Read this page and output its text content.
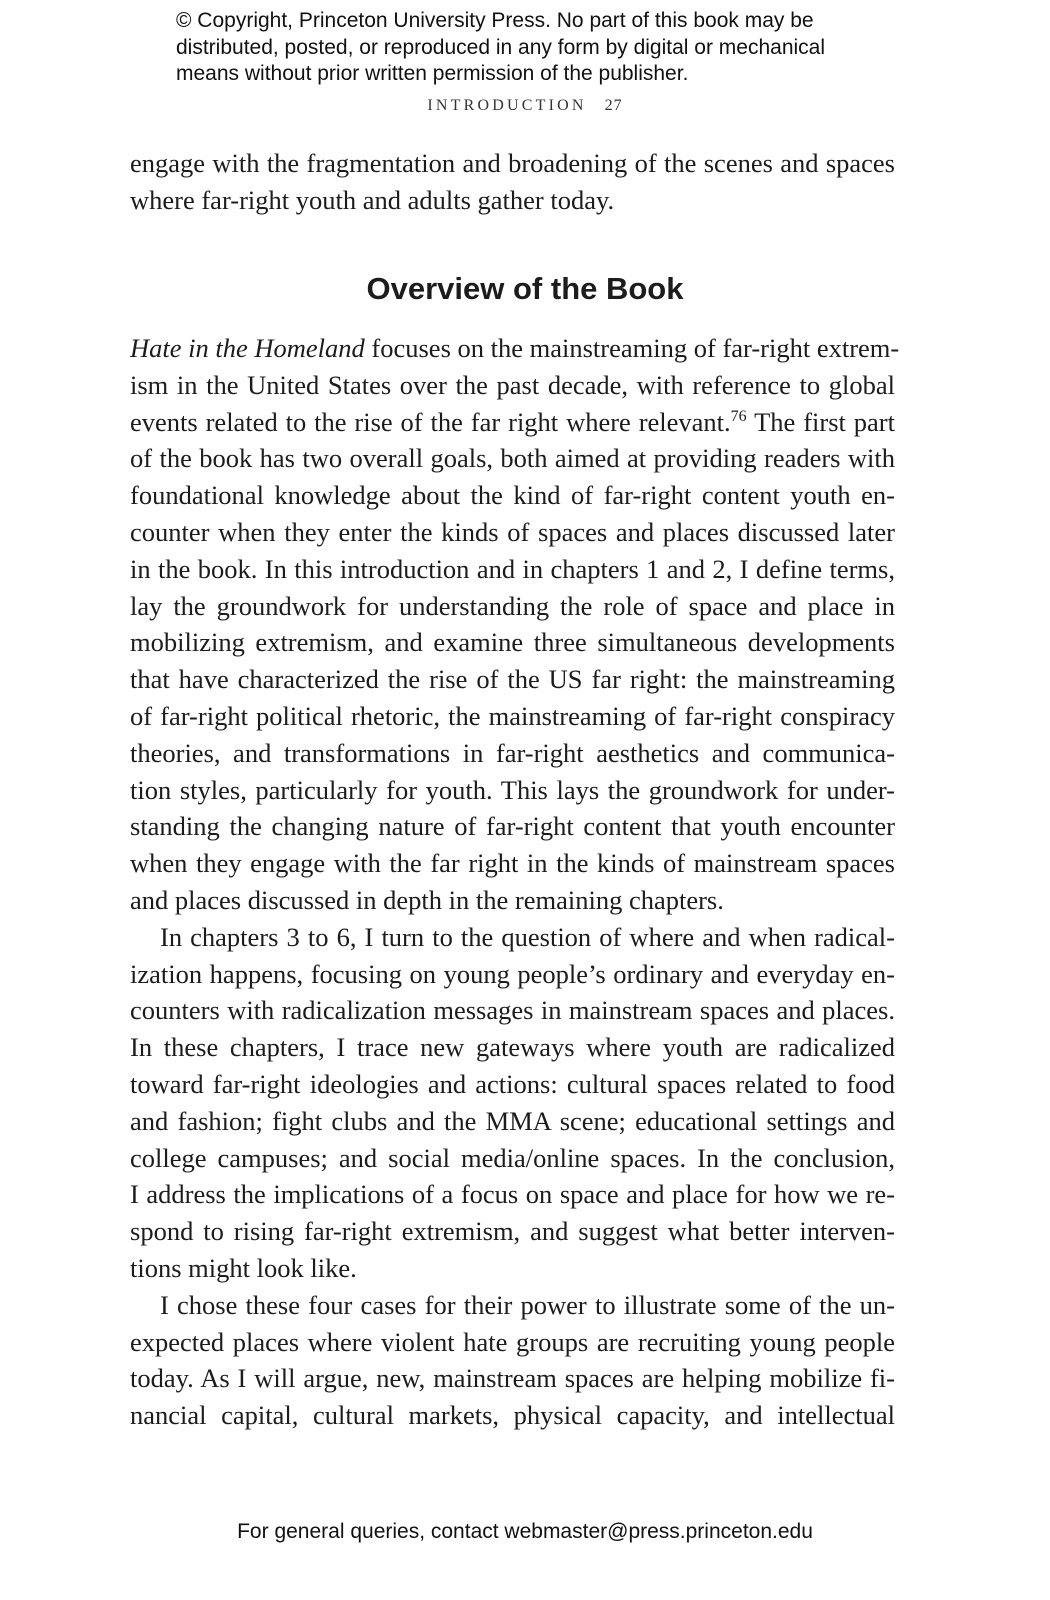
© Copyright, Princeton University Press. No part of this book may be
distributed, posted, or reproduced in any form by digital or mechanical
means without prior written permission of the publisher.
INTRODUCTION 27
engage with the fragmentation and broadening of the scenes and spaces
where far-right youth and adults gather today.
Overview of the Book
Hate in the Homeland focuses on the mainstreaming of far-right extrem-
ism in the United States over the past decade, with reference to global
events related to the rise of the far right where relevant.$^{76}$ The first part
of the book has two overall goals, both aimed at providing readers with
foundational knowledge about the kind of far-right content youth en-
counter when they enter the kinds of spaces and places discussed later
in the book. In this introduction and in chapters 1 and 2, I define terms,
lay the groundwork for understanding the role of space and place in
mobilizing extremism, and examine three simultaneous developments
that have characterized the rise of the US far right: the mainstreaming
of far-right political rhetoric, the mainstreaming of far-right conspiracy
theories, and transformations in far-right aesthetics and communica-
tion styles, particularly for youth. This lays the groundwork for under-
standing the changing nature of far-right content that youth encounter
when they engage with the far right in the kinds of mainstream spaces
and places discussed in depth in the remaining chapters.
In chapters 3 to 6, I turn to the question of where and when radical-
ization happens, focusing on young people’s ordinary and everyday en-
counters with radicalization messages in mainstream spaces and places.
In these chapters, I trace new gateways where youth are radicalized
toward far-right ideologies and actions: cultural spaces related to food
and fashion; fight clubs and the MMA scene; educational settings and
college campuses; and social media/online spaces. In the conclusion,
I address the implications of a focus on space and place for how we re-
spond to rising far-right extremism, and suggest what better interven-
tions might look like.
I chose these four cases for their power to illustrate some of the un-
expected places where violent hate groups are recruiting young people
today. As I will argue, new, mainstream spaces are helping mobilize fi-
nancial capital, cultural markets, physical capacity, and intellectual
For general queries, contact webmaster@press.princeton.edu
